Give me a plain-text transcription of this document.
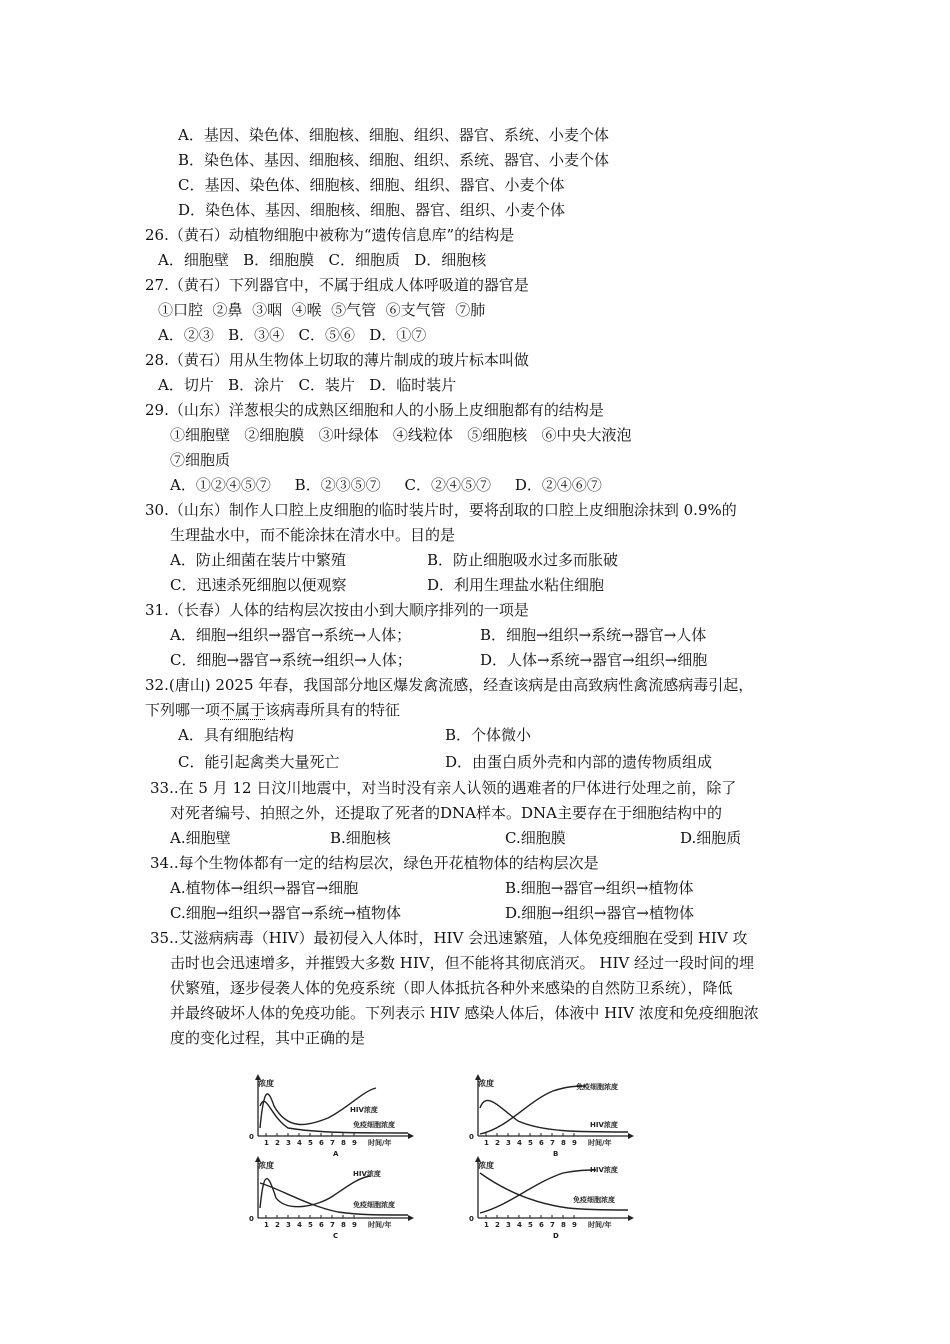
A．基因、染色体、细胞核、细胞、组织、器官、系统、小麦个体
B．染色体、基因、细胞核、细胞、组织、系统、器官、小麦个体
C．基因、染色体、细胞核、细胞、组织、器官、小麦个体
D．染色体、基因、细胞核、细胞、器官、组织、小麦个体
26.（黄石）动植物细胞中被称为“遗传信息库”的结构是
A．细胞壁   B．细胞膜   C．细胞质   D．细胞核
27.（黄石）下列器官中，不属于组成人体呼吸道的器官是
①口腔  ②鼻  ③咽  ④喉  ⑤气管  ⑥支气管  ⑦肺
A．②③   B．③④   C．⑤⑥   D．①⑦
28.（黄石）用从生物体上切取的薄片制成的玻片标本叫做
A．切片   B．涂片   C．装片   D．临时装片
29.（山东）洋葱根尖的成熟区细胞和人的小肠上皮细胞都有的结构是
①细胞壁   ②细胞膜   ③叶绿体   ④线粒体   ⑤细胞核   ⑥中央大液泡
⑦细胞质
A．①②④⑤⑦     B．②③⑤⑦     C．②④⑤⑦     D．②④⑥⑦
30.（山东）制作人口腔上皮细胞的临时装片时，要将刮取的口腔上皮细胞涂抹到 0.9%的
生理盐水中，而不能涂抹在清水中。目的是
A．防止细菌在装片中繁殖	B．防止细胞吸水过多而胀破
C．迅速杀死细胞以便观察	D．利用生理盐水粘住细胞
31.（长春）人体的结构层次按由小到大顺序排列的一项是
A．细胞→组织→器官→系统→人体；	B．细胞→组织→系统→器官→人体
C．细胞→器官→系统→组织→人体；	D．人体→系统→器官→组织→细胞
32.(唐山) 2025 年春，我国部分地区爆发禽流感，经查该病是由高致病性禽流感病毒引起，
下列哪一项不属于该病毒所具有的特征
A．具有细胞结构	B．个体微小
C．能引起禽类大量死亡	D．由蛋白质外壳和内部的遗传物质组成
33..在 5 月 12 日汶川地震中，对当时没有亲人认领的遇难者的尸体进行处理之前，除了
对死者编号、拍照之外，还提取了死者的DNA样本。DNA主要存在于细胞结构中的
A.细胞壁	B.细胞核	C.细胞膜	D.细胞质
34..每个生物体都有一定的结构层次，绿色开花植物体的结构层次是
A.植物体→组织→器官→细胞	B.细胞→器官→组织→植物体
C.细胞→组织→器官→系统→植物体	D.细胞→组织→器官→植物体
35..艾滋病病毒（HIV）最初侵入人体时，HIV 会迅速繁殖，人体免疫细胞在受到 HIV 攻
击时也会迅速增多，并摧毁大多数 HIV，但不能将其彻底消灭。 HIV 经过一段时间的埋
伏繁殖，逐步侵袭人体的免疫系统（即人体抵抗各种外来感染的自然防卫系统），降低
并最终破坏人体的免疫功能。下列表示 HIV 感染人体后，体液中 HIV 浓度和免疫细胞浓
度的变化过程，其中正确的是
浓度
0
1 2 3 4 5 6 7 8 9 时间/年
A
HIV浓度
免疫细胞浓度
浓度
0
1 2 3 4 5 6 7 8 9 时间/年
B
免疫细胞浓度
HIV浓度
浓度
0
1 2 3 4 5 6 7 8 9 时间/年
C
HIV浓度
免疫细胞浓度
浓度
0
1 2 3 4 5 6 7 8 9 时间/年
D
HIV浓度
免疫细胞浓度
